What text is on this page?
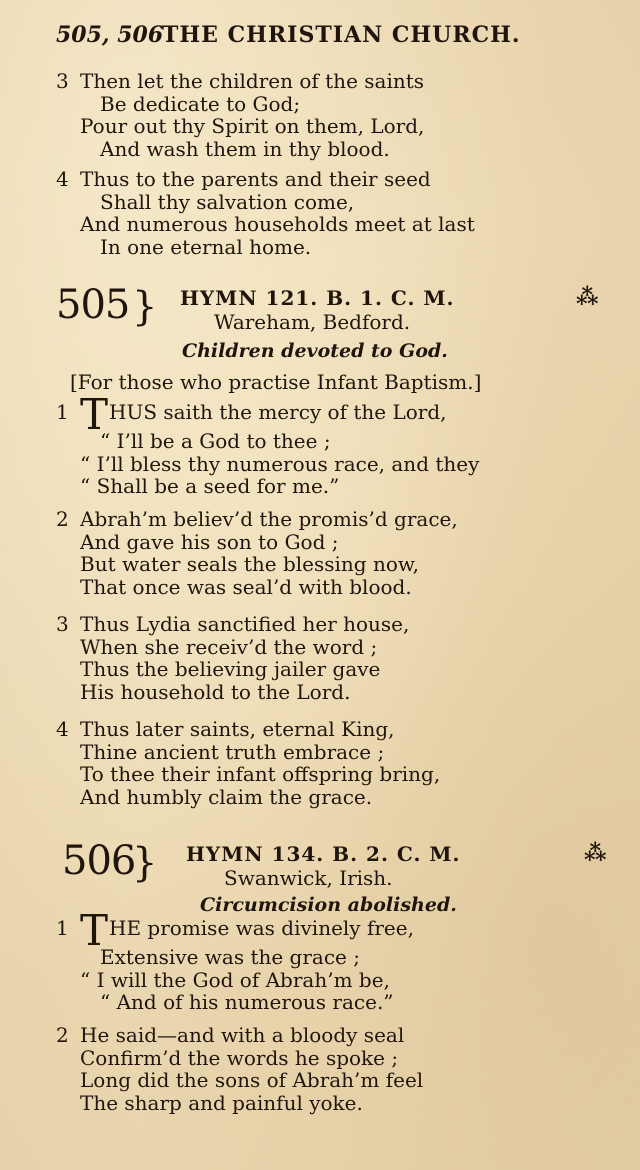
505, 506
THE CHRISTIAN CHURCH.
3 Then let the children of the saints
Be dedicate to God;
Pour out thy Spirit on them, Lord,
And wash them in thy blood.
4 Thus to the parents and their seed
Shall thy salvation come,
And numerous households meet at last
In one eternal home.
505 } HYMN 121. B. 1. C. M.
Wareham, Bedford.
⁂
Children devoted to God.
[For those who practise Infant Baptism.]
1 THUS saith the mercy of the Lord,
“ I’ll be a God to thee ;
“ I’ll bless thy numerous race, and they
“ Shall be a seed for me.”
2 Abrah’m believ’d the promis’d grace,
And gave his son to God ;
But water seals the blessing now,
That once was seal’d with blood.
3 Thus Lydia sanctified her house,
When she receiv’d the word ;
Thus the believing jailer gave
His household to the Lord.
4 Thus later saints, eternal King,
Thine ancient truth embrace ;
To thee their infant offspring bring,
And humbly claim the grace.
506
} HYMN 134. B. 2. C. M.
Swanwick, Irish.
⁂
Circumcision abolished.
1 THE promise was divinely free,
Extensive was the grace ;
“ I will the God of Abrah’m be,
“ And of his numerous race.”
2 He said—and with a bloody seal
Confirm’d the words he spoke ;
Long did the sons of Abrah’m feel
The sharp and painful yoke.
